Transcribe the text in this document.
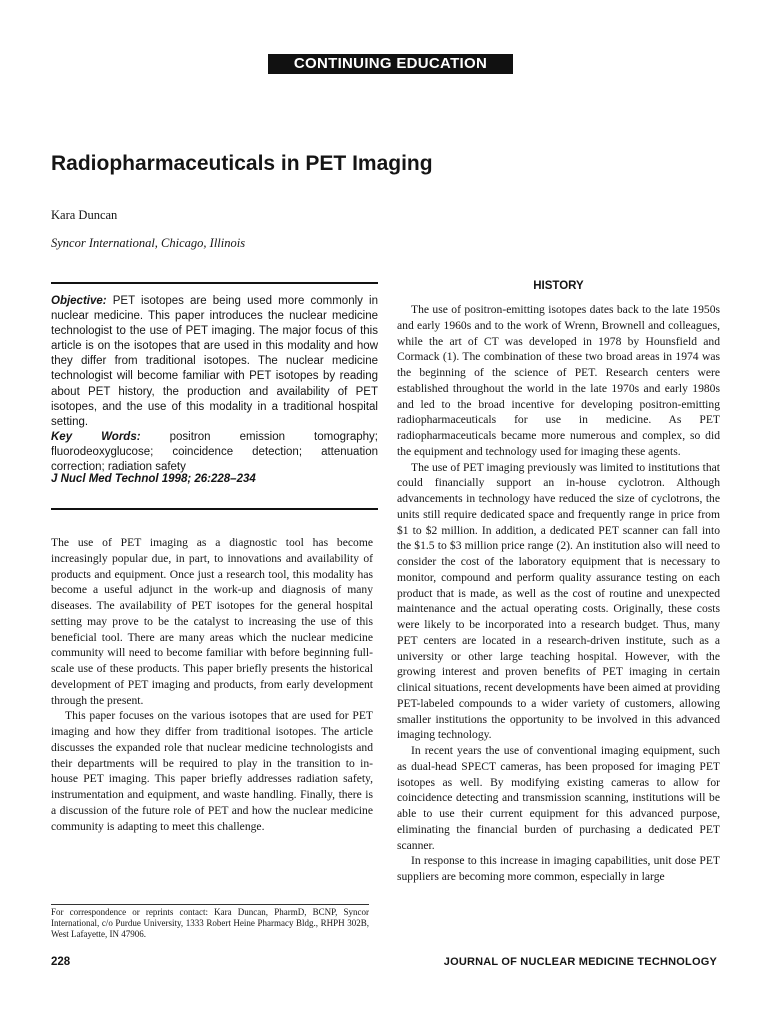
CONTINUING EDUCATION
Radiopharmaceuticals in PET Imaging
Kara Duncan
Syncor International, Chicago, Illinois

Objective: PET isotopes are being used more commonly in nuclear medicine. This paper introduces the nuclear medicine technologist to the use of PET imaging. The major focus of this article is on the isotopes that are used in this modality and how they differ from traditional isotopes. The nuclear medicine technologist will become familiar with PET isotopes by reading about PET history, the production and availability of PET isotopes, and the use of this modality in a traditional hospital setting.

Key Words: positron emission tomography; fluorodeoxyglucose; coincidence detection; attenuation correction; radiation safety

J Nucl Med Technol 1998; 26:228–234

The use of PET imaging as a diagnostic tool has become increasingly popular due, in part, to innovations and availability of products and equipment. Once just a research tool, this modality has become a useful adjunct in the work-up and diagnosis of many diseases. The availability of PET isotopes for the general hospital setting may prove to be the catalyst to increasing the use of this beneficial tool. There are many areas which the nuclear medicine community will need to become familiar with before beginning full-scale use of these products. This paper briefly presents the historical development of PET imaging and products, from early development through the present.

This paper focuses on the various isotopes that are used for PET imaging and how they differ from traditional isotopes. The article discusses the expanded role that nuclear medicine technologists and their departments will be required to play in the transition to in-house PET imaging. This paper briefly addresses radiation safety, instrumentation and equipment, and waste handling. Finally, there is a discussion of the future role of PET and how the nuclear medicine community is adapting to meet this challenge.

For correspondence or reprints contact: Kara Duncan, PharmD, BCNP, Syncor International, c/o Purdue University, 1333 Robert Heine Pharmacy Bldg., RHPH 302B, West Lafayette, IN 47906.
HISTORY

The use of positron-emitting isotopes dates back to the late 1950s and early 1960s and to the work of Wrenn, Brownell and colleagues, while the art of CT was developed in 1978 by Hounsfield and Cormack (1). The combination of these two broad areas in 1974 was the beginning of the science of PET. Research centers were established throughout the world in the late 1970s and early 1980s and led to the broad incentive for developing positron-emitting radiopharmaceuticals for use in medicine. As PET radiopharmaceuticals became more numerous and complex, so did the equipment and technology used for imaging these agents.

The use of PET imaging previously was limited to institutions that could financially support an in-house cyclotron. Although advancements in technology have reduced the size of cyclotrons, the units still require dedicated space and frequently range in price from $1 to $2 million. In addition, a dedicated PET scanner can fall into the $1.5 to $3 million price range (2). An institution also will need to consider the cost of the laboratory equipment that is necessary to monitor, compound and perform quality assurance testing on each product that is made, as well as the cost of routine and unexpected maintenance and the actual operating costs. Originally, these costs were likely to be incorporated into a research budget. Thus, many PET centers are located in a research-driven institute, such as a university or other large teaching hospital. However, with the growing interest and proven benefits of PET imaging in certain clinical situations, recent developments have been aimed at providing PET-labeled compounds to a wider variety of customers, allowing smaller institutions the opportunity to be involved in this advanced imaging technology.

In recent years the use of conventional imaging equipment, such as dual-head SPECT cameras, has been proposed for imaging PET isotopes as well. By modifying existing cameras to allow for coincidence detecting and transmission scanning, institutions will be able to use their current equipment for this advanced purpose, eliminating the financial burden of purchasing a dedicated PET scanner.

In response to this increase in imaging capabilities, unit dose PET suppliers are becoming more common, especially in large

228	JOURNAL OF NUCLEAR MEDICINE TECHNOLOGY
